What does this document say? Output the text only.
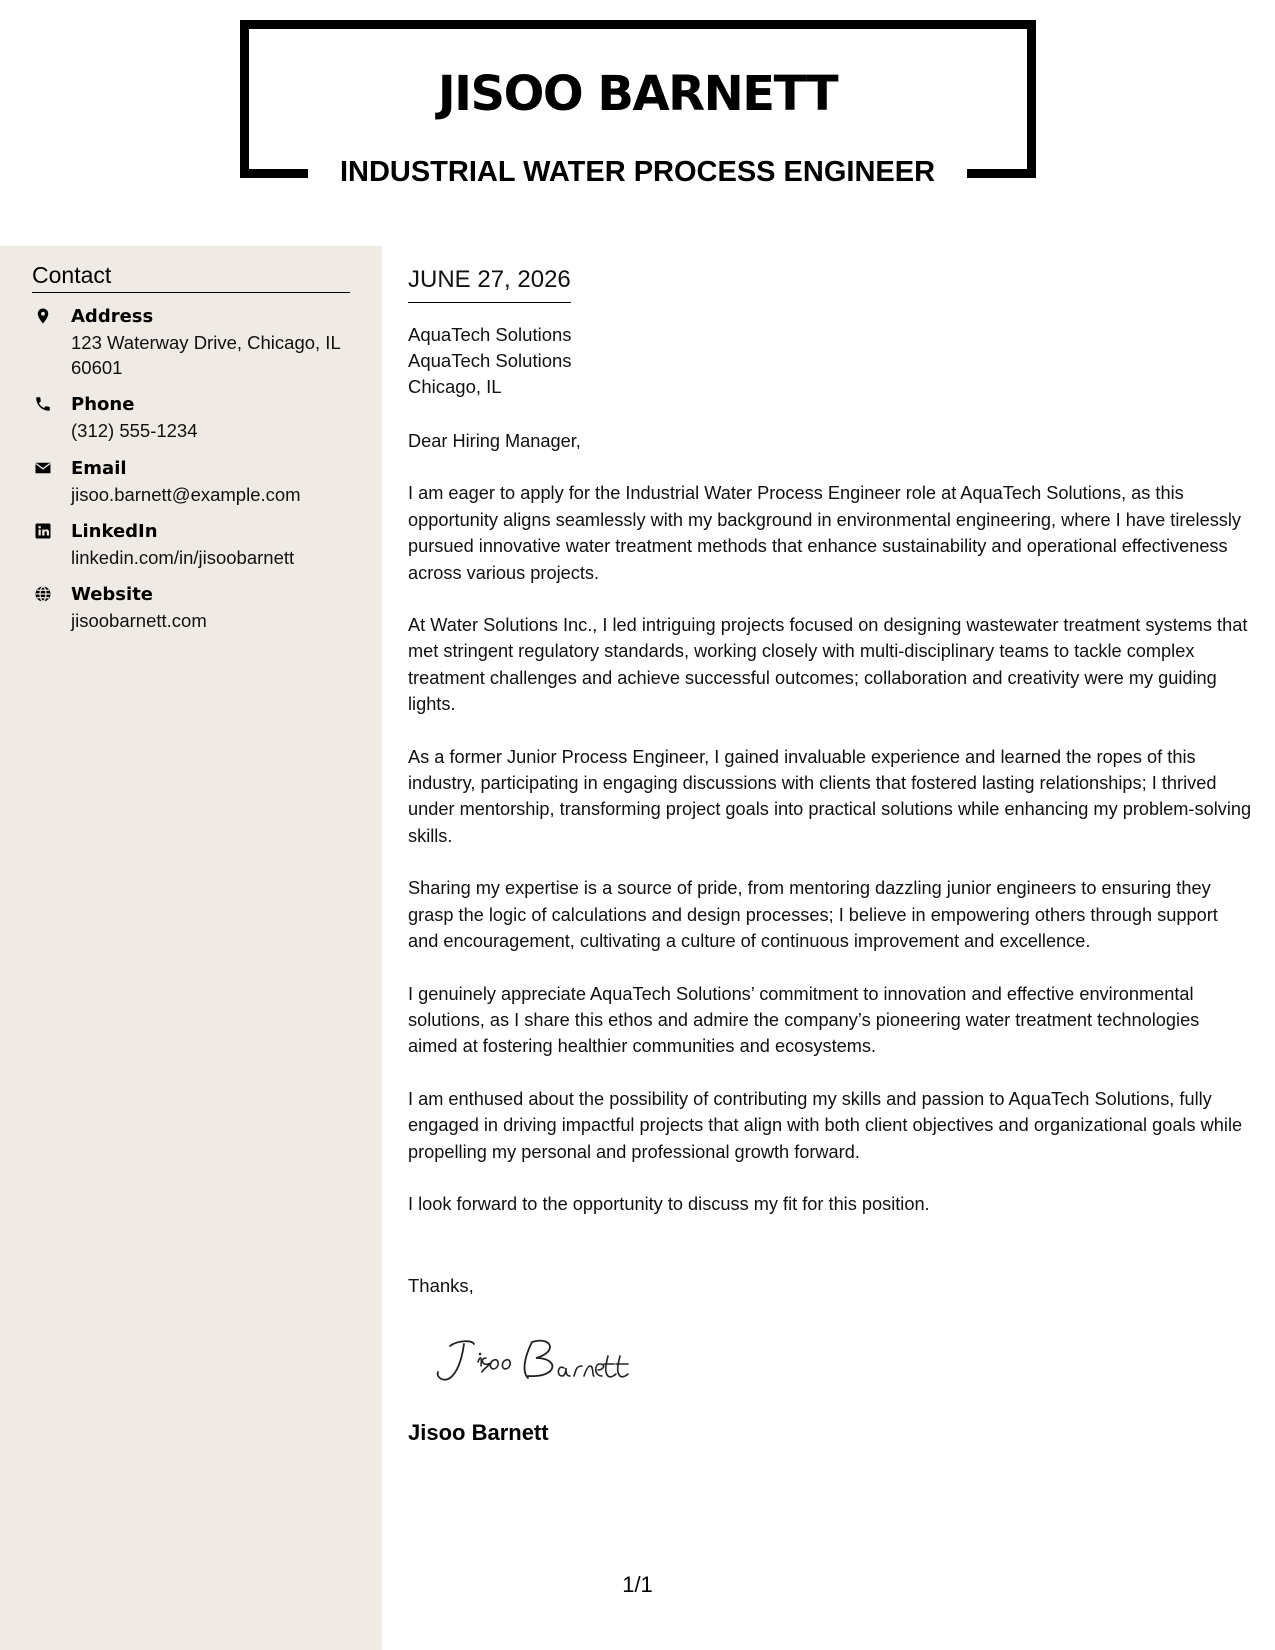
JISOO BARNETT
INDUSTRIAL WATER PROCESS ENGINEER
Contact
Address
123 Waterway Drive, Chicago, IL 60601
Phone
(312) 555-1234
Email
jisoo.barnett@example.com
LinkedIn
linkedin.com/in/jisoobarnett
Website
jisoobarnett.com
JUNE 27, 2026
AquaTech Solutions
AquaTech Solutions
Chicago, IL

Dear Hiring Manager,

I am eager to apply for the Industrial Water Process Engineer role at AquaTech Solutions, as this opportunity aligns seamlessly with my background in environmental engineering, where I have tirelessly pursued innovative water treatment methods that enhance sustainability and operational effectiveness across various projects.

At Water Solutions Inc., I led intriguing projects focused on designing wastewater treatment systems that met stringent regulatory standards, working closely with multi-disciplinary teams to tackle complex treatment challenges and achieve successful outcomes; collaboration and creativity were my guiding lights.

As a former Junior Process Engineer, I gained invaluable experience and learned the ropes of this industry, participating in engaging discussions with clients that fostered lasting relationships; I thrived under mentorship, transforming project goals into practical solutions while enhancing my problem-solving skills.

Sharing my expertise is a source of pride, from mentoring dazzling junior engineers to ensuring they grasp the logic of calculations and design processes; I believe in empowering others through support and encouragement, cultivating a culture of continuous improvement and excellence.

I genuinely appreciate AquaTech Solutions’ commitment to innovation and effective environmental solutions, as I share this ethos and admire the company’s pioneering water treatment technologies aimed at fostering healthier communities and ecosystems.

I am enthused about the possibility of contributing my skills and passion to AquaTech Solutions, fully engaged in driving impactful projects that align with both client objectives and organizational goals while propelling my personal and professional growth forward.

I look forward to the opportunity to discuss my fit for this position.

Thanks,
Jisoo Barnett
1/1
